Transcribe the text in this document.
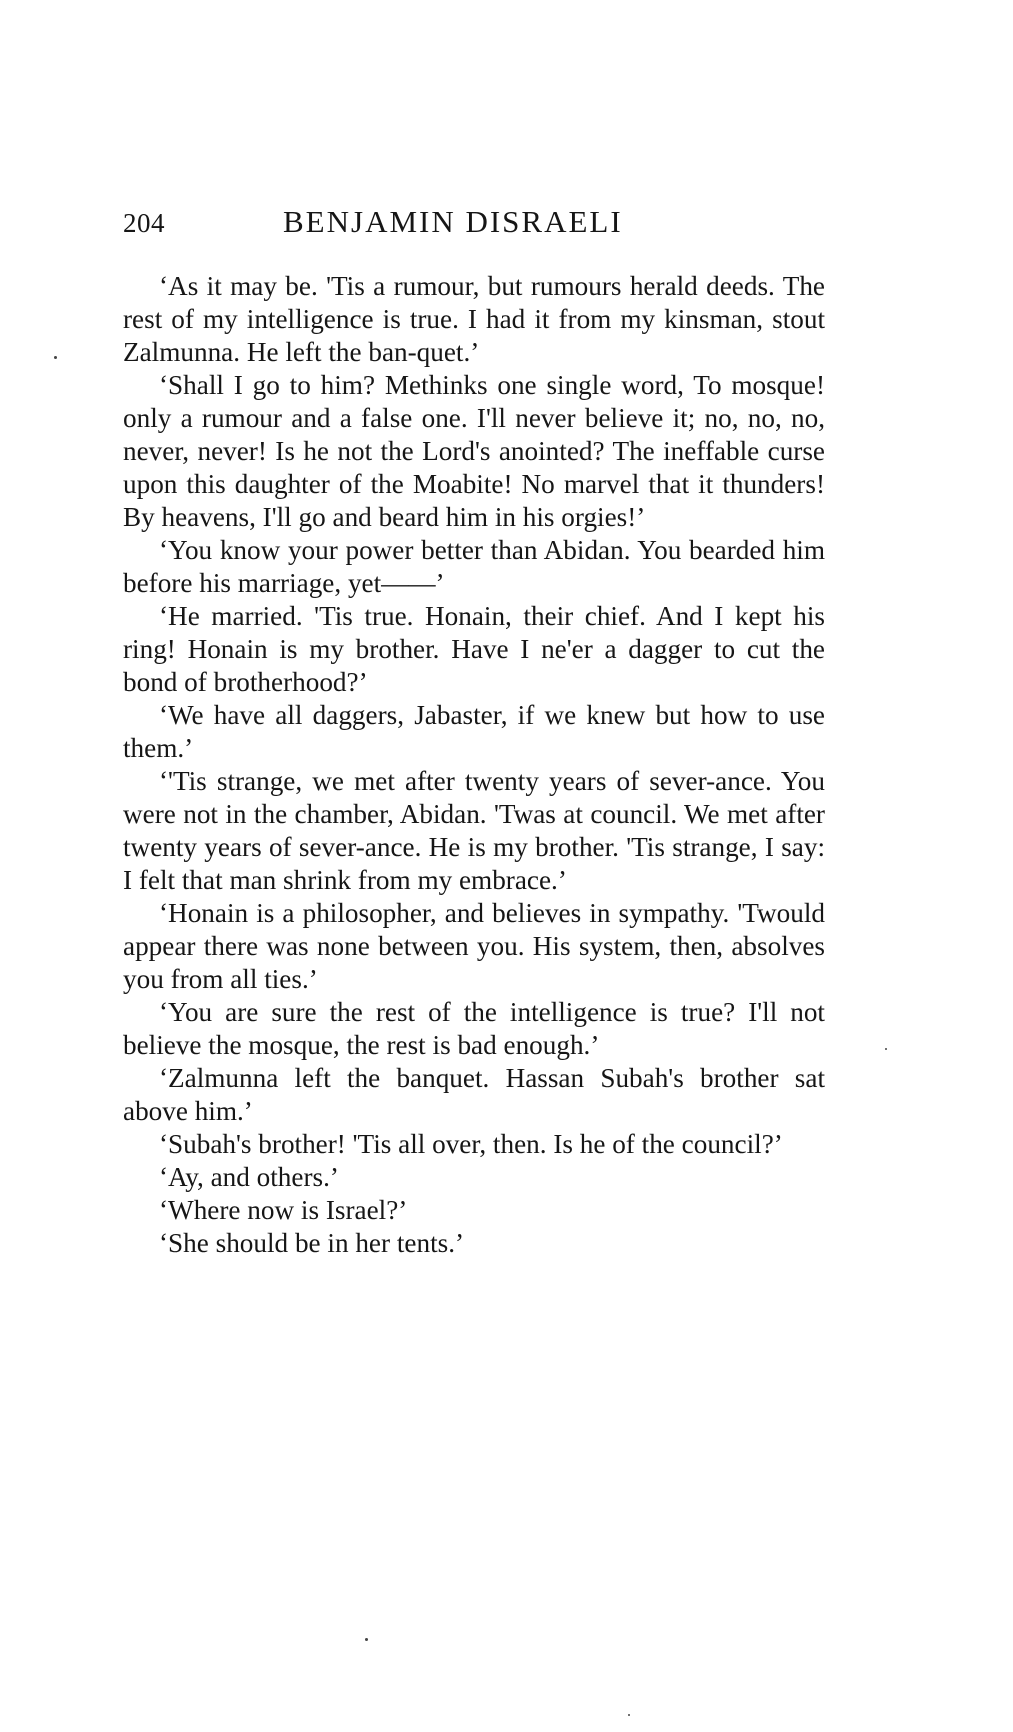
204	BENJAMIN DISRAELI

‘As it may be. 'Tis a rumour, but rumours herald deeds. The rest of my intelligence is true. I had it from my kinsman, stout Zalmunna. He left the ban-quet.’

‘Shall I go to him? Methinks one single word, To mosque! only a rumour and a false one. I'll never believe it; no, no, no, never, never! Is he not the Lord's anointed? The ineffable curse upon this daughter of the Moabite! No marvel that it thunders! By heavens, I'll go and beard him in his orgies!’

‘You know your power better than Abidan. You bearded him before his marriage, yet——’

‘He married. 'Tis true. Honain, their chief. And I kept his ring! Honain is my brother. Have I ne'er a dagger to cut the bond of brotherhood?’

‘We have all daggers, Jabaster, if we knew but how to use them.’

‘'Tis strange, we met after twenty years of sever-ance. You were not in the chamber, Abidan. 'Twas at council. We met after twenty years of sever-ance. He is my brother. 'Tis strange, I say: I felt that man shrink from my embrace.’

‘Honain is a philosopher, and believes in sympathy. 'Twould appear there was none between you. His system, then, absolves you from all ties.’

‘You are sure the rest of the intelligence is true? I'll not believe the mosque, the rest is bad enough.’

‘Zalmunna left the banquet. Hassan Subah's brother sat above him.’

‘Subah's brother! 'Tis all over, then. Is he of the council?’

‘Ay, and others.’

‘Where now is Israel?’

‘She should be in her tents.’
